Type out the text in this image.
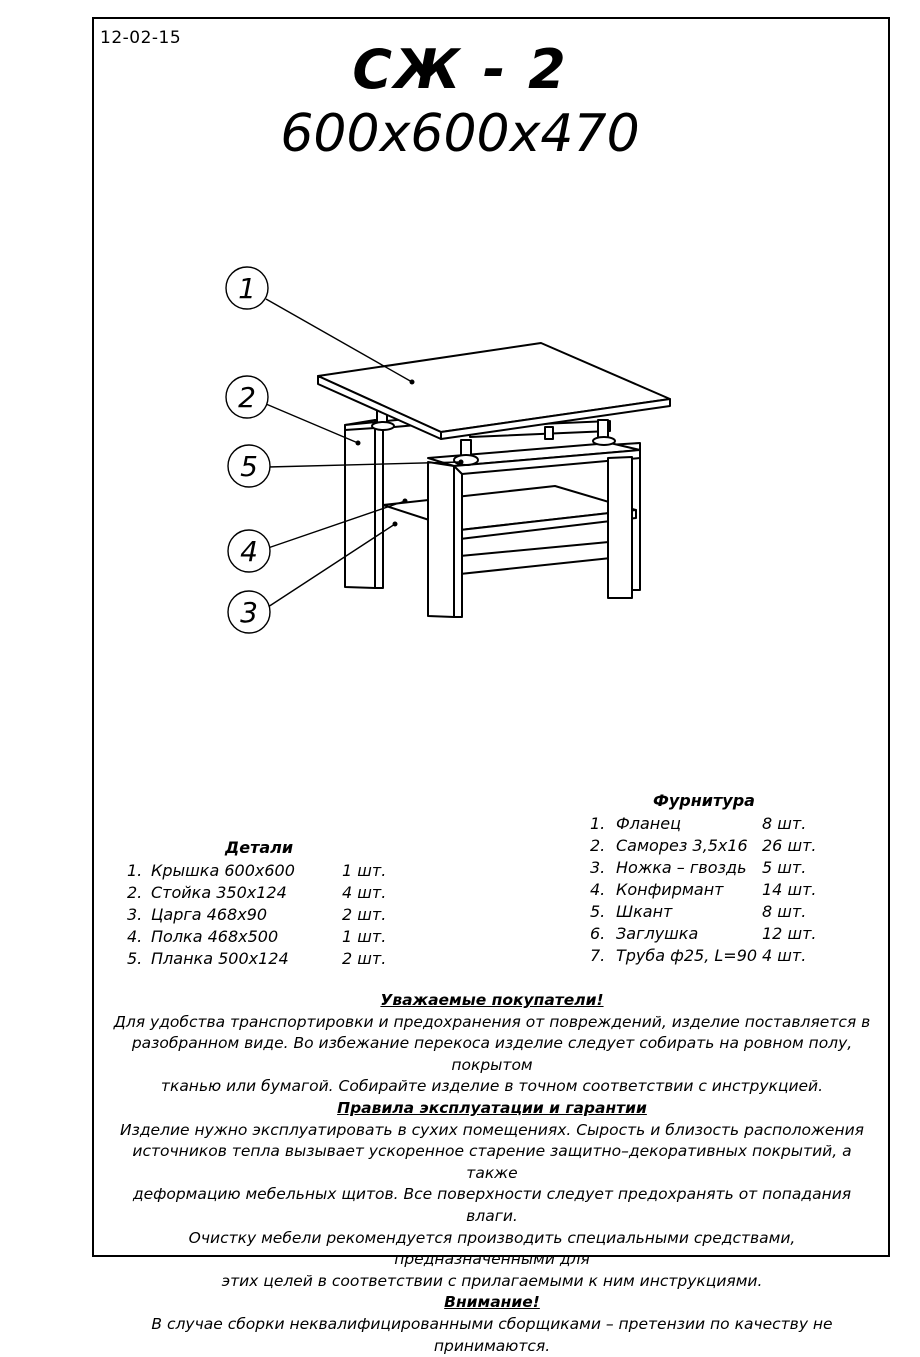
12-02-15	СЖ - 2
600x600x470
1
2
5
4
3
Детали
1. Крышка 600х600	1 шт.
2. Стойка 350х124	4 шт.
3. Царга 468х90	2 шт.
4. Полка 468х500	1 шт.
5. Планка 500х124	2 шт.
Фурнитура
1. Фланец	8 шт.
2. Саморез 3,5х16 26 шт.
3. Ножка – гвоздь 5 шт.
4. Конфирмант 14 шт.
5. Шкант	8 шт.
6. Заглушка	12 шт.
7. Труба ф25, L=90 4 шт.

Уважаемые покупатели!

Для удобства транспортировки и предохранения от повреждений, изделие поставляется в

разобранном виде. Во избежание перекоса изделие следует собирать на ровном полу, покрытом

тканью или бумагой. Собирайте изделие в точном соответствии с инструкцией.

Правила эксплуатации и гарантии

Изделие нужно эксплуатировать в сухих помещениях. Сырость и близость расположения

источников тепла вызывает ускоренное старение защитно–декоративных покрытий, а также

деформацию мебельных щитов. Все поверхности следует предохранять от попадания влаги.

Очистку мебели рекомендуется производить специальными средствами, предназначенными для

этих целей в соответствии с прилагаемыми к ним инструкциями.

Внимание!

В случае сборки неквалифицированными сборщиками – претензии по качеству не принимаются.
